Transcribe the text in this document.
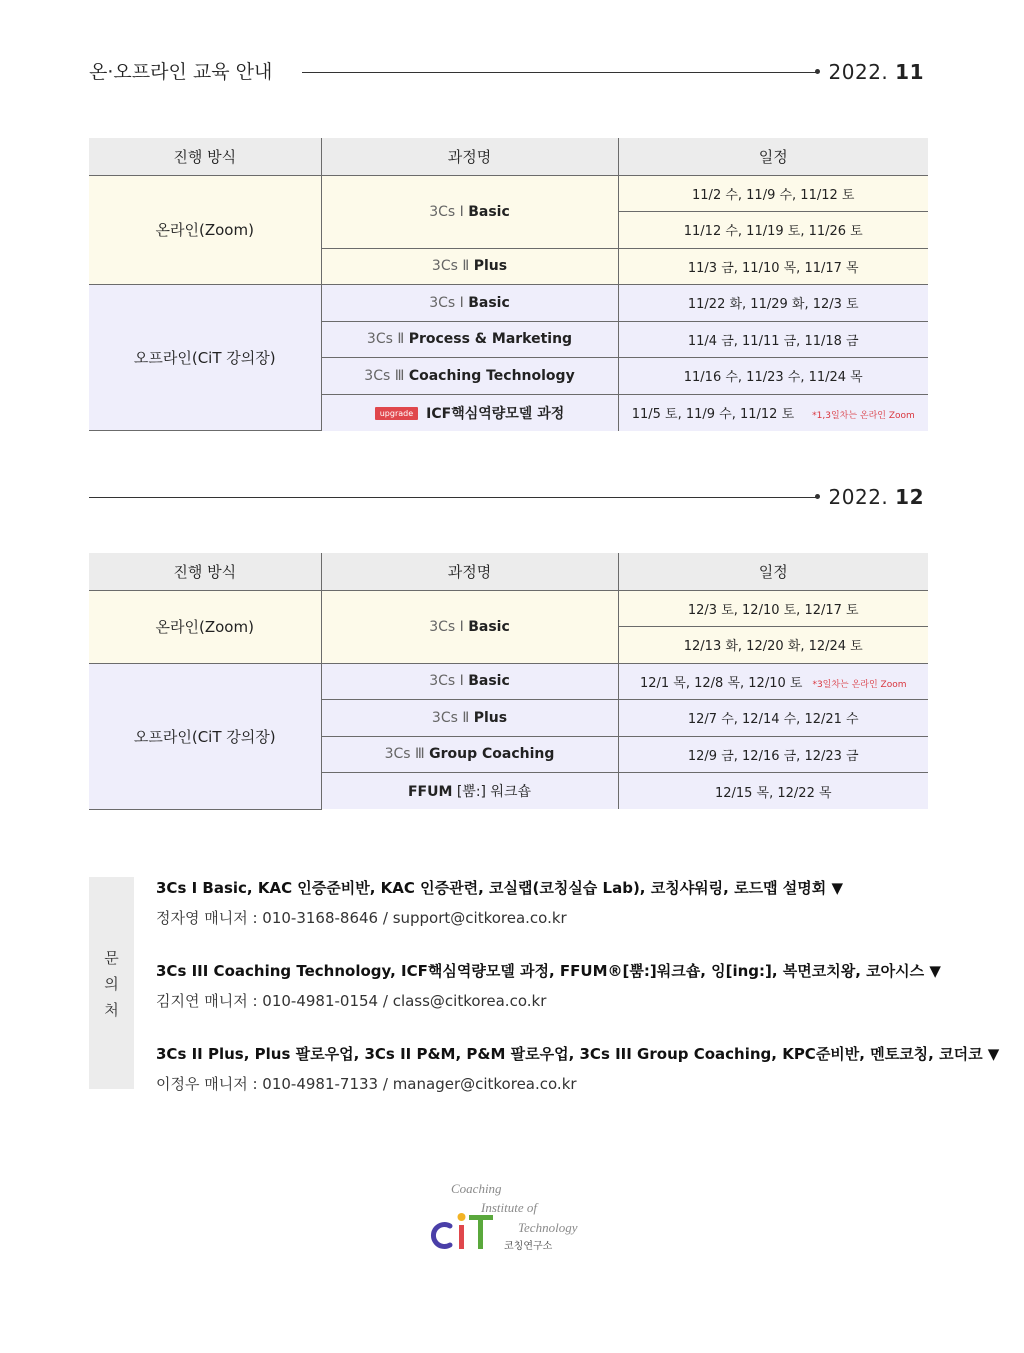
온·오프라인 교육 안내	2022. 11
진행 방식	과정명	일정
온라인(Zoom)	3Cs Ⅰ Basic	11/2 수, 11/9 수, 11/12 토
		11/12 수, 11/19 토, 11/26 토
	3Cs Ⅱ Plus	11/3 금, 11/10 목, 11/17 목
오프라인(CiT 강의장)	3Cs Ⅰ Basic	11/22 화, 11/29 화, 12/3 토
	3Cs Ⅱ Process & Marketing	11/4 금, 11/11 금, 11/18 금
	3Cs Ⅲ Coaching Technology	11/16 수, 11/23 수, 11/24 목
	upgrade ICF핵심역량모델 과정	11/5 토, 11/9 수, 11/12 토 *1,3일차는 온라인 Zoom
2022. 12
진행 방식	과정명	일정
온라인(Zoom)	3Cs Ⅰ Basic	12/3 토, 12/10 토, 12/17 토
		12/13 화, 12/20 화, 12/24 토
오프라인(CiT 강의장)	3Cs Ⅰ Basic	12/1 목, 12/8 목, 12/10 토 *3일차는 온라인 Zoom
	3Cs Ⅱ Plus	12/7 수, 12/14 수, 12/21 수
	3Cs Ⅲ Group Coaching	12/9 금, 12/16 금, 12/23 금
	FFUM [뿜:] 워크숍	12/15 목, 12/22 목
문
의
처
3Cs I Basic, KAC 인증준비반, KAC 인증관련, 코실랩(코칭실습 Lab), 코칭샤워링, 로드맵 설명회 ▼
정자영 매니저 : 010-3168-8646 / support@citkorea.co.kr
3Cs III Coaching Technology, ICF핵심역량모델 과정, FFUM®[뿜:]워크숍, 잉[ing:], 복면코치왕, 코아시스 ▼
김지연 매니저 : 010-4981-0154 / class@citkorea.co.kr
3Cs II Plus, Plus 팔로우업, 3Cs II P&M, P&M 팔로우업, 3Cs III Group Coaching, KPC준비반, 멘토코칭, 코더코 ▼
이정우 매니저 : 010-4981-7133 / manager@citkorea.co.kr
Coaching
Institute of
Technology
코칭연구소
